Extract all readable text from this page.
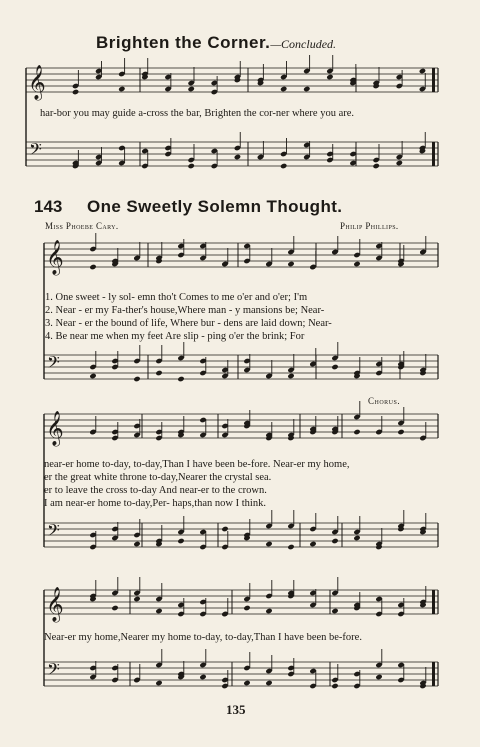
𝄞
𝄢
𝄞
𝄢
𝄞
𝄢
𝄞
𝄢
Brighten the Corner.—Concluded.
har-bor you may guide a-cross the bar, Brighten the cor-ner where you are.
143 One Sweetly Solemn Thought.
Miss Phoebe Cary.	Philip Phillips.
1. One sweet - ly sol- emn tho't Comes to me o'er and o'er; I'm
2. Near - er my Fa-ther's house,Where man - y mansions be; Near-
3. Near - er the bound of life, Where bur - dens are laid down; Near-
4. Be near me when my feet Are slip - ping o'er the brink; For
Chorus.
near-er home to-day, to-day,Than I have been be-fore. Near-er my home,
er the great white throne to-day,Nearer the crystal sea.
er to leave the cross to-day And near-er to the crown.
I am near-er home to-day,Per- haps,than now I think.
Near-er my home,Nearer my home to-day, to-day,Than I have been be-fore.
135
